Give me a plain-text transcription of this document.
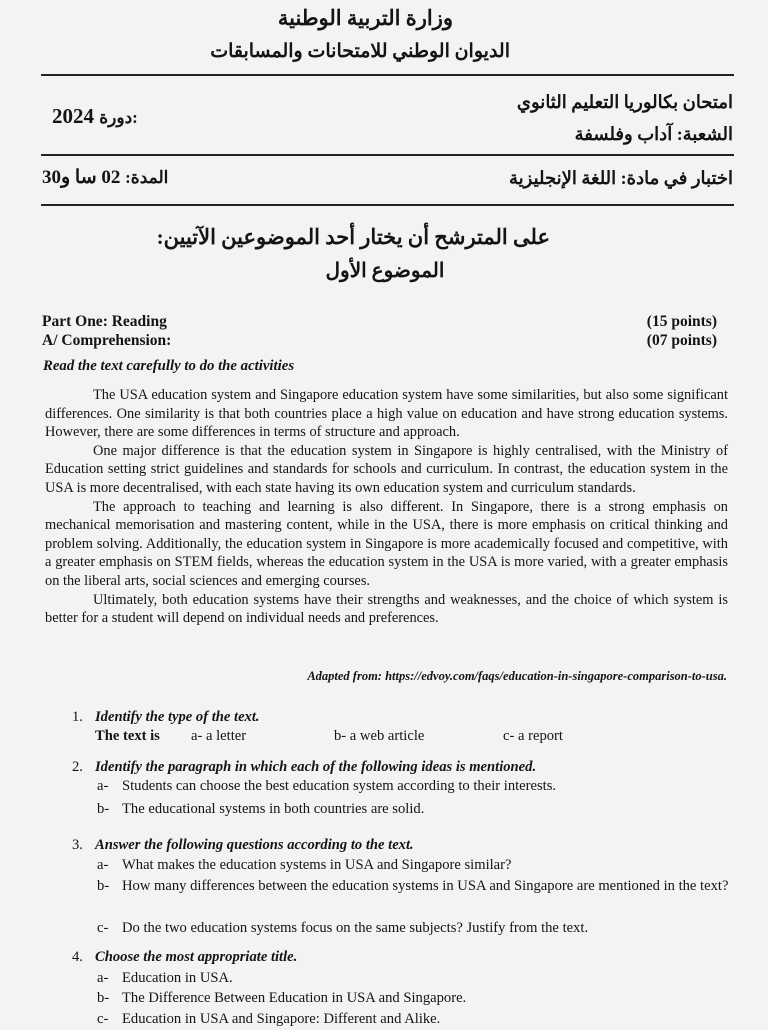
وزارة التربية الوطنية
الديوان الوطني للامتحانات والمسابقات
امتحان بكالوريا التعليم الثانوي
2024 دورة:
الشعبة: آداب وفلسفة
اختبار في مادة: اللغة الإنجليزية
المدة: 02 سا و30
على المترشح أن يختار أحد الموضوعين الآتيين:
الموضوع الأول
Part One: Reading	(15 points)
A/ Comprehension:	(07 points)
Read the text carefully to do the activities

The USA education system and Singapore education system have some similarities, but also some significant differences. One similarity is that both countries place a high value on education and have strong education systems. However, there are some differences in terms of structure and approach.

One major difference is that the education system in Singapore is highly centralised, with the Ministry of Education setting strict guidelines and standards for schools and curriculum. In contrast, the education system in the USA is more decentralised, with each state having its own education system and curriculum standards.

The approach to teaching and learning is also different. In Singapore, there is a strong emphasis on mechanical memorisation and mastering content, while in the USA, there is more emphasis on critical thinking and problem solving. Additionally, the education system in Singapore is more academically focused and competitive, with a greater emphasis on STEM fields, whereas the education system in the USA is more varied, with a greater emphasis on the liberal arts, social sciences and emerging courses.

Ultimately, both education systems have their strengths and weaknesses, and the choice of which system is better for a student will depend on individual needs and preferences.

Adapted from: https://edvoy.com/faqs/education-in-singapore-comparison-to-usa.
1. Identify the type of the text.
The text is a- a letter	b- a web article	c- a report
2. Identify the paragraph in which each of the following ideas is mentioned.
a- Students can choose the best education system according to their interests.
b- The educational systems in both countries are solid.
3. Answer the following questions according to the text.
a- What makes the education systems in USA and Singapore similar?
b- How many differences between the education systems in USA and Singapore are mentioned in the text?
c- Do the two education systems focus on the same subjects? Justify from the text.
4. Choose the most appropriate title.
a- Education in USA.
b- The Difference Between Education in USA and Singapore.
c- Education in USA and Singapore: Different and Alike.
